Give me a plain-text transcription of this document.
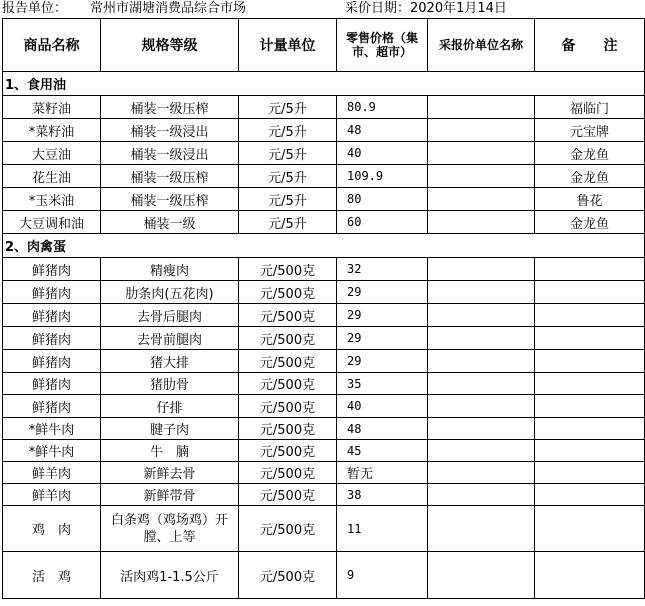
报告单位： 常州市湖塘消费品综合市场	采价日期：2020年1月14日
商品名称	规格等级	计量单位	零售价格（集市、超市）	采报价单位名称	备　　注
1、食用油					
菜籽油	桶装一级压榨	元/5升	80.9		福临门
*菜籽油	桶装一级浸出	元/5升	48		元宝牌
大豆油	桶装一级浸出	元/5升	40		金龙鱼
花生油	桶装一级压榨	元/5升	109.9		金龙鱼
*玉米油	桶装一级压榨	元/5升	80		鲁花
大豆调和油	桶装一级	元/5升	60		金龙鱼
2、肉禽蛋					
鲜猪肉	精瘦肉	元/500克	32		
鲜猪肉	肋条肉(五花肉)	元/500克	29		
鲜猪肉	去骨后腿肉	元/500克	29		
鲜猪肉	去骨前腿肉	元/500克	29		
鲜猪肉	猪大排	元/500克	29		
鲜猪肉	猪肋骨	元/500克	35		
鲜猪肉	仔排	元/500克	40		
*鲜牛肉	腱子肉	元/500克	48		
*鲜牛肉	牛　腩	元/500克	45		
鲜羊肉	新鲜去骨	元/500克	暂无		
鲜羊肉	新鲜带骨	元/500克	38		
鸡　肉	白条鸡（鸡场鸡）开膛、上等	元/500克	11		
活　鸡	活肉鸡1-1.5公斤	元/500克	9		
